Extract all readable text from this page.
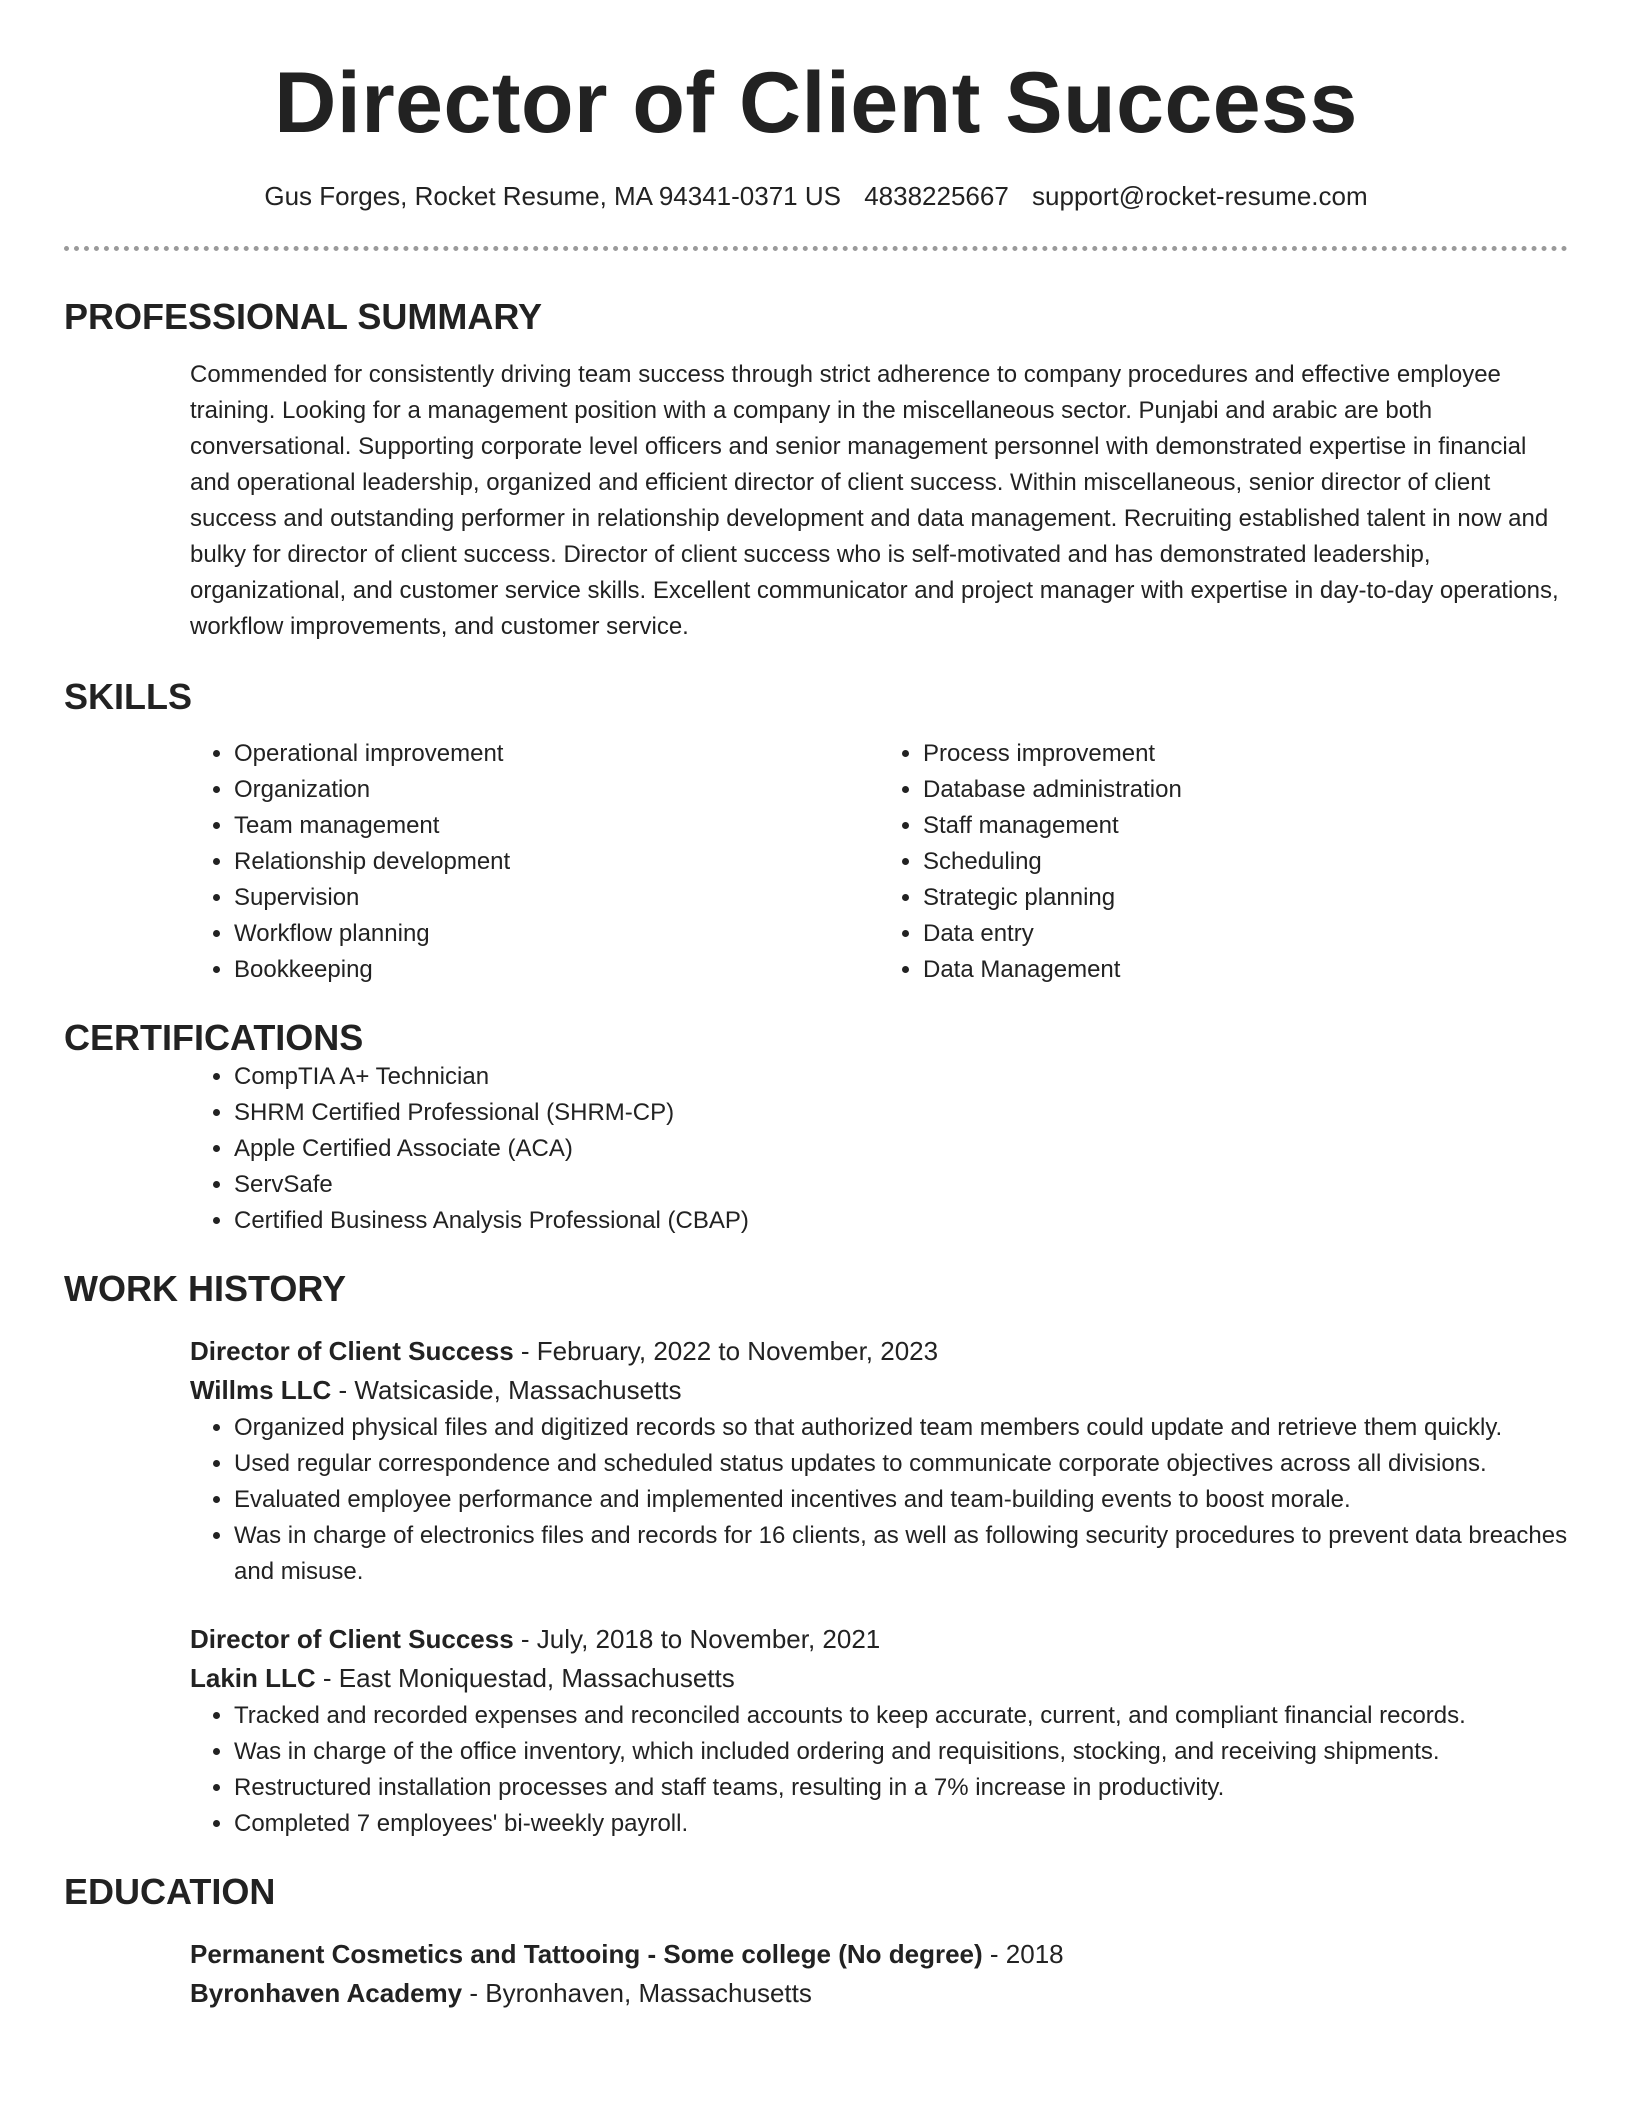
Director of Client Success
Gus Forges, Rocket Resume, MA 94341-0371 US 4838225667 support@rocket-resume.com
PROFESSIONAL SUMMARY

Commended for consistently driving team success through strict adherence to company procedures and effective employee training. Looking for a management position with a company in the miscellaneous sector. Punjabi and arabic are both conversational. Supporting corporate level officers and senior management personnel with demonstrated expertise in financial and operational leadership, organized and efficient director of client success. Within miscellaneous, senior director of client success and outstanding performer in relationship development and data management. Recruiting established talent in now and bulky for director of client success. Director of client success who is self-motivated and has demonstrated leadership, organizational, and customer service skills. Excellent communicator and project manager with expertise in day-to-day operations, workflow improvements, and customer service.

SKILLS
• Operational improvement
• Organization
• Team management
• Relationship development
• Supervision
• Workflow planning
• Bookkeeping
• Process improvement
• Database administration
• Staff management
• Scheduling
• Strategic planning
• Data entry
• Data Management
CERTIFICATIONS
• CompTIA A+ Technician
• SHRM Certified Professional (SHRM-CP)
• Apple Certified Associate (ACA)
• ServSafe
• Certified Business Analysis Professional (CBAP)
WORK HISTORY
Director of Client Success - February, 2022 to November, 2023
Willms LLC - Watsicaside, Massachusetts
• Organized physical files and digitized records so that authorized team members could update and retrieve them quickly.
• Used regular correspondence and scheduled status updates to communicate corporate objectives across all divisions.
• Evaluated employee performance and implemented incentives and team-building events to boost morale.
• Was in charge of electronics files and records for 16 clients, as well as following security procedures to prevent data breaches and misuse.
Director of Client Success - July, 2018 to November, 2021
Lakin LLC - East Moniquestad, Massachusetts
• Tracked and recorded expenses and reconciled accounts to keep accurate, current, and compliant financial records.
• Was in charge of the office inventory, which included ordering and requisitions, stocking, and receiving shipments.
• Restructured installation processes and staff teams, resulting in a 7% increase in productivity.
• Completed 7 employees' bi-weekly payroll.
EDUCATION
Permanent Cosmetics and Tattooing - Some college (No degree) - 2018
Byronhaven Academy - Byronhaven, Massachusetts
